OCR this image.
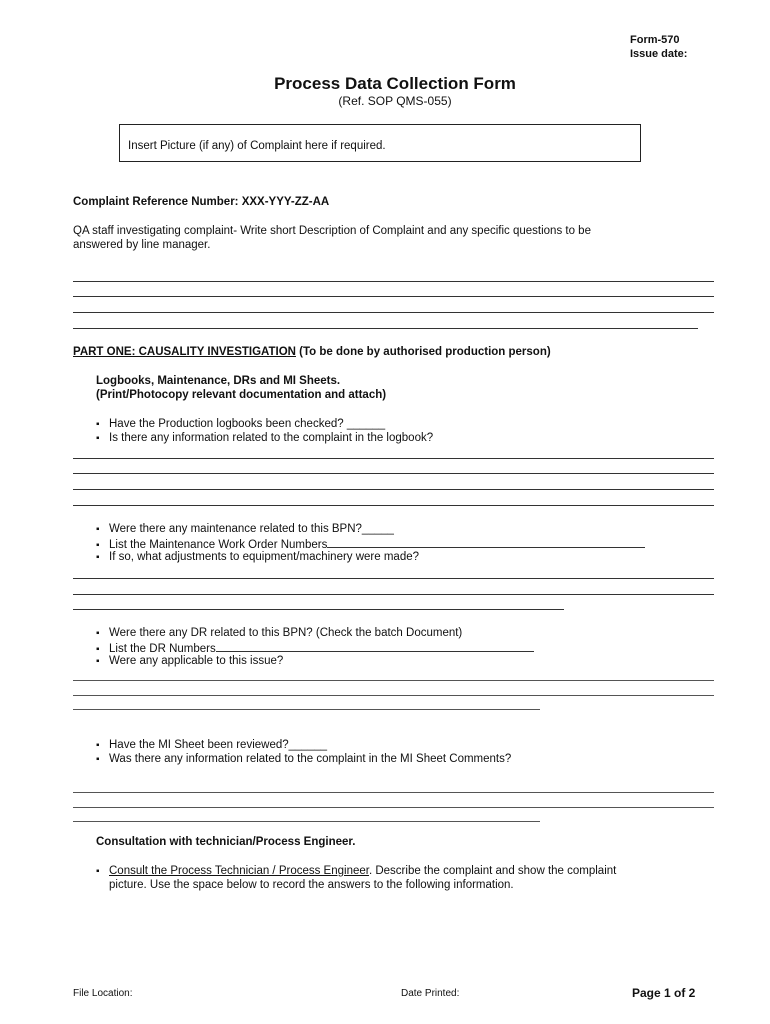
Form-570
Issue date:
Process Data Collection Form
(Ref. SOP QMS-055)
Insert Picture (if any) of Complaint here if required.
Complaint Reference Number: XXX-YYY-ZZ-AA
QA staff investigating complaint- Write short Description of Complaint and any specific questions to be
answered by line manager.
PART ONE: CAUSALITY INVESTIGATION (To be done by authorised production person)
Logbooks, Maintenance, DRs and MI Sheets.
(Print/Photocopy relevant documentation and attach)
▪ Have the Production logbooks been checked? ______
▪ Is there any information related to the complaint in the logbook?
▪ Were there any maintenance related to this BPN?_____
▪ List the Maintenance Work Order Numbers
▪ If so, what adjustments to equipment/machinery were made?
▪ Were there any DR related to this BPN? (Check the batch Document)
▪ List the DR Numbers
▪ Were any applicable to this issue?
▪ Have the MI Sheet been reviewed?______
▪ Was there any information related to the complaint in the MI Sheet Comments?
Consultation with technician/Process Engineer.
▪ Consult the Process Technician / Process Engineer. Describe the complaint and show the complaint
picture. Use the space below to record the answers to the following information.
File Location:	Date Printed:	Page 1 of 2
